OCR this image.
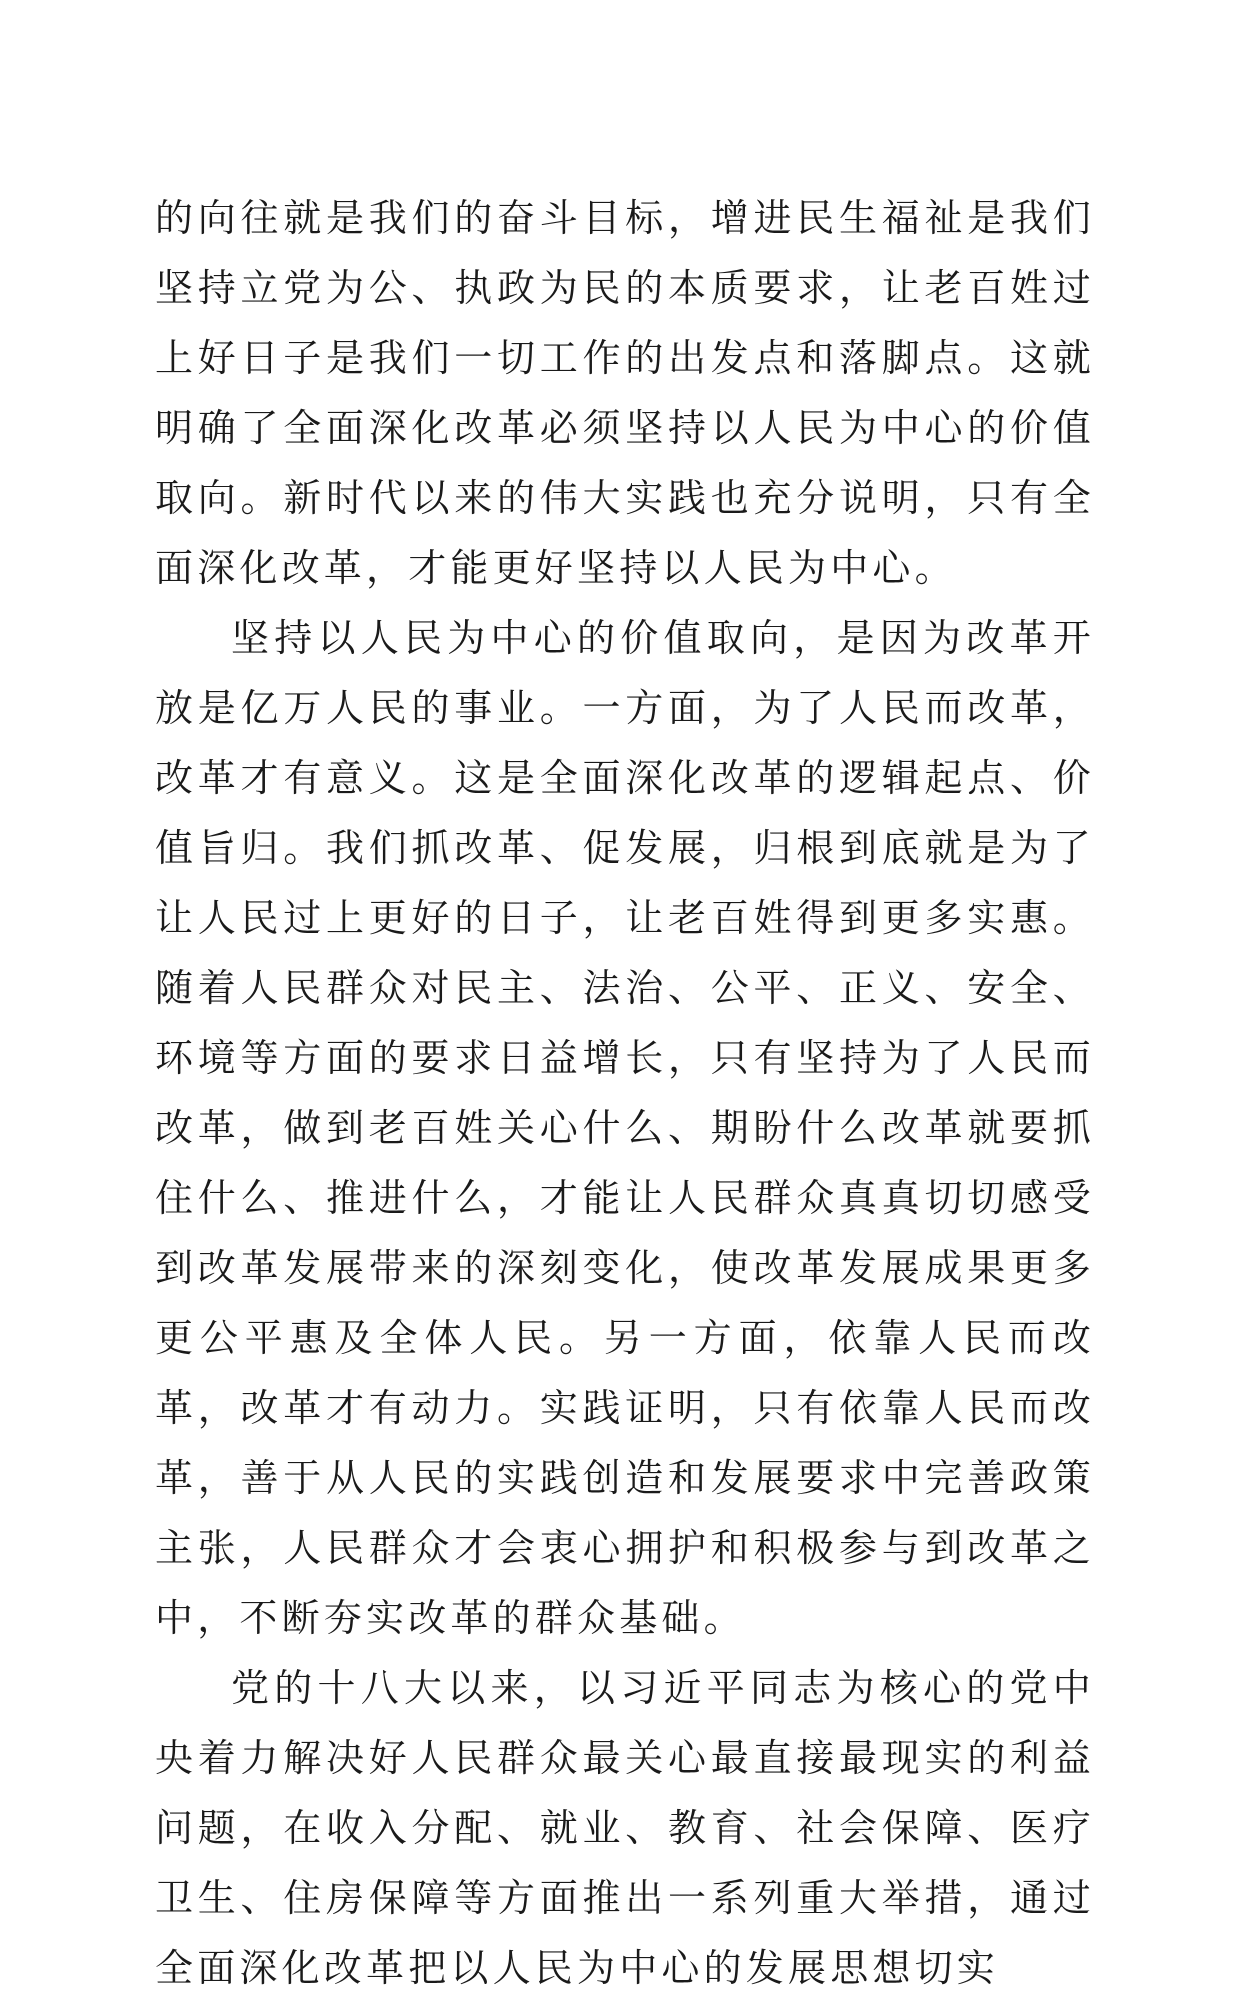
的向往就是我们的奋斗目标，增进民生福祉是我们坚持立党为公、执政为民的本质要求，让老百姓过上好日子是我们一切工作的出发点和落脚点。这就明确了全面深化改革必须坚持以人民为中心的价值取向。新时代以来的伟大实践也充分说明，只有全面深化改革，才能更好坚持以人民为中心。

坚持以人民为中心的价值取向，是因为改革开放是亿万人民的事业。一方面，为了人民而改革，改革才有意义。这是全面深化改革的逻辑起点、价值旨归。我们抓改革、促发展，归根到底就是为了让人民过上更好的日子，让老百姓得到更多实惠。随着人民群众对民主、法治、公平、正义、安全、环境等方面的要求日益增长，只有坚持为了人民而改革，做到老百姓关心什么、期盼什么改革就要抓住什么、推进什么，才能让人民群众真真切切感受到改革发展带来的深刻变化，使改革发展成果更多更公平惠及全体人民。另一方面，依靠人民而改革，改革才有动力。实践证明，只有依靠人民而改革，善于从人民的实践创造和发展要求中完善政策主张，人民群众才会衷心拥护和积极参与到改革之中，不断夯实改革的群众基础。

党的十八大以来，以习近平同志为核心的党中央着力解决好人民群众最关心最直接最现实的利益问题，在收入分配、就业、教育、社会保障、医疗卫生、住房保障等方面推出一系列重大举措，通过全面深化改革把以人民为中心的发展思想切实
